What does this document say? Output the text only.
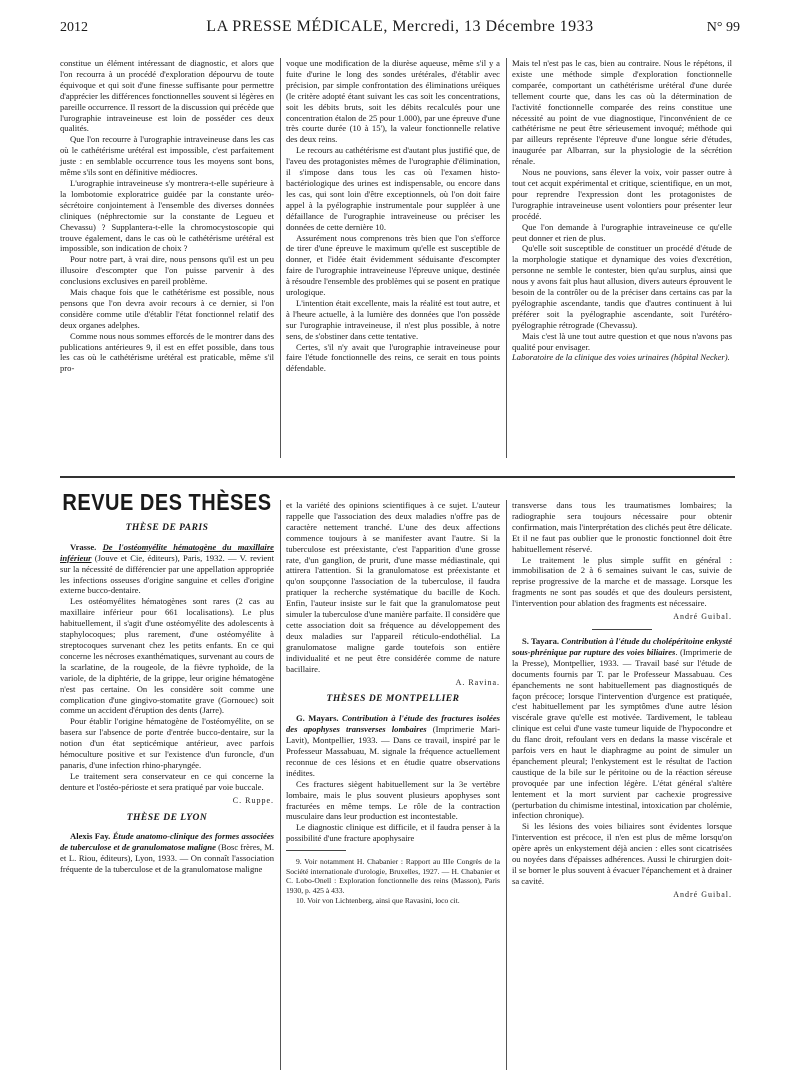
2012	LA PRESSE MÉDICALE, Mercredi, 13 Décembre 1933	N° 99

constitue un élément intéressant de diagnostic, et alors que l'on recourra à un procédé d'exploration dépourvu de toute équivoque et qui soit d'une finesse suffisante pour permettre d'apprécier les différences fonctionnelles souvent si légères en pareille occurrence. Il ressort de la discussion qui précède que l'urographie intraveineuse est loin de posséder ces deux qualités.

Que l'on recourre à l'urographie intraveineuse dans les cas où le cathétérisme urétéral est impossible, c'est parfaitement juste : en semblable occurrence tous les moyens sont bons, même s'ils sont en définitive médiocres.

L'urographie intraveineuse s'y montrera-t-elle supérieure à la lombotomie exploratrice guidée par la constante uréo-sécrétoire conjointement à l'ensemble des diverses données cliniques (néphrectomie sur la constante de Legueu et Chevassu) ? Supplantera-t-elle la chromocystoscopie qui trouve également, dans le cas où le cathétérisme urétéral est impossible, son indication de choix ?

Pour notre part, à vrai dire, nous pensons qu'il est un peu illusoire d'escompter que l'on puisse parvenir à des conclusions exclusives en pareil problème.

Mais chaque fois que le cathétérisme est possible, nous pensons que l'on devra avoir recours à ce dernier, si l'on considère comme utile d'établir l'état fonctionnel relatif des deux organes adelphes.

Comme nous nous sommes efforcés de le montrer dans des publications antérieures 9, il est en effet possible, dans tous les cas où le cathétérisme urétéral est praticable, même s'il pro-

voque une modification de la diurèse aqueuse, même s'il y a fuite d'urine le long des sondes urétérales, d'établir avec précision, par simple confrontation des éliminations uréiques (le critère adopté étant suivant les cas soit les concentrations, soit les débits bruts, soit les débits recalculés pour une concentration étalon de 25 pour 1.000), par une épreuve d'une très courte durée (10 à 15'), la valeur fonctionnelle relative des deux reins.

Le recours au cathétérisme est d'autant plus justifié que, de l'aveu des protagonistes mêmes de l'urographie d'élimination, il s'impose dans tous les cas où l'examen histo-bactériologique des urines est indispensable, ou encore dans les cas, qui sont loin d'être exceptionnels, où l'on doit faire appel à la pyélographie instrumentale pour suppléer à une défaillance de l'urographie intraveineuse ou préciser les données de cette dernière 10.

Assurément nous comprenons très bien que l'on s'efforce de tirer d'une épreuve le maximum qu'elle est susceptible de donner, et l'idée était évidemment séduisante d'escompter faire de l'urographie intraveineuse l'épreuve unique, destinée à résoudre l'ensemble des problèmes qui se posent en pratique urologique.

L'intention était excellente, mais la réalité est tout autre, et à l'heure actuelle, à la lumière des données que l'on possède sur l'urographie intraveineuse, il n'est plus possible, à notre sens, de s'obstiner dans cette tentative.

Certes, s'il n'y avait que l'urographie intraveineuse pour faire l'étude fonctionnelle des reins, ce serait en tous points défendable.

Mais tel n'est pas le cas, bien au contraire. Nous le répétons, il existe une méthode simple d'exploration fonctionnelle comparée, comportant un cathétérisme urétéral d'une durée tellement courte que, dans les cas où la détermination de l'activité fonctionnelle comparée des reins constitue une nécessité au point de vue diagnostique, l'inconvénient de ce cathétérisme ne peut être sérieusement invoqué; méthode qui par ailleurs représente l'épreuve d'une longue série d'études, inaugurée par Albarran, sur la physiologie de la sécrétion rénale.

Nous ne pouvions, sans élever la voix, voir passer outre à tout cet acquit expérimental et critique, scientifique, en un mot, pour reprendre l'expression dont les protagonistes de l'urographie intraveineuse usent volontiers pour présenter leur procédé.

Que l'on demande à l'urographie intraveineuse ce qu'elle peut donner et rien de plus.

Qu'elle soit susceptible de constituer un procédé d'étude de la morphologie statique et dynamique des voies d'excrétion, personne ne semble le contester, bien qu'au surplus, ainsi que nous y avons fait plus haut allusion, divers auteurs éprouvent le besoin de la contrôler ou de la préciser dans certains cas par la pyélographie ascendante, tandis que d'autres continuent à lui préférer soit la pyélographie ascendante, soit l'urétéro-pyélographie rétrograde (Chevassu).

Mais c'est là une tout autre question et que nous n'avons pas qualité pour envisager.

Laboratoire de la clinique des voies urinaires (hôpital Necker).

REVUE DES THÈSES
THÈSE DE PARIS

Vrasse. De l'ostéomyélite hématogène du maxillaire inférieur (Jouve et Cie, éditeurs), Paris, 1932. — V. revient sur la nécessité de différencier par une appellation appropriée les infections osseuses d'origine sanguine et celles d'origine externe bucco-dentaire.

Les ostéomyélites hématogènes sont rares (2 cas au maxillaire inférieur pour 661 localisations). Le plus habituellement, il s'agit d'une ostéomyélite des adolescents à staphylocoques; plus rarement, d'une ostéomyélite à streptocoques survenant chez les petits enfants. En ce qui concerne les nécroses exanthématiques, survenant au cours de la scarlatine, de la rougeole, de la fièvre typhoïde, de la variole, de la diphtérie, de la grippe, leur origine hématogène n'est pas certaine. On les considère soit comme une complication d'une gingivo-stomatite grave (Gornouec) soit comme un accident d'éruption des dents (Jarre).

Pour établir l'origine hématogène de l'ostéomyélite, on se basera sur l'absence de porte d'entrée bucco-dentaire, sur la notion d'un état septicémique antérieur, avec parfois hémoculture positive et sur l'existence d'un furoncle, d'un panaris, d'une infection rhino-pharyngée.

Le traitement sera conservateur en ce qui concerne la denture et l'ostéo-périoste et sera pratiqué par voie buccale.

C. Ruppe.
THÈSE DE LYON

Alexis Fay. Étude anatomo-clinique des formes associées de tuberculose et de granulomatose maligne (Bosc frères, M. et L. Riou, éditeurs), Lyon, 1933. — On connaît l'association fréquente de la tuberculose et de la granulomatose maligne

et la variété des opinions scientifiques à ce sujet. L'auteur rappelle que l'association des deux maladies n'offre pas de caractère nettement tranché. L'une des deux affections commence toujours à se manifester avant l'autre. Si la tuberculose est préexistante, c'est l'apparition d'une grosse rate, d'un ganglion, de prurit, d'une masse médiastinale, qui attirera l'attention. Si la granulomatose est préexistante et qu'on soupçonne l'association de la tuberculose, il faudra pratiquer la recherche systématique du bacille de Koch. Enfin, l'auteur insiste sur le fait que la granulomatose peut simuler la tuberculose d'une manière parfaite. Il considère que cette association doit sa fréquence au développement des deux maladies sur l'appareil réticulo-endothélial. La granulomatose maligne garde toutefois son entière individualité et ne peut être considérée comme de nature bacillaire.

A. Ravina.
THÈSES DE MONTPELLIER

G. Mayars. Contribution à l'étude des fractures isolées des apophyses transverses lombaires (Imprimerie Mari-Lavit), Montpellier, 1933. — Dans ce travail, inspiré par le Professeur Massabuau, M. signale la fréquence actuellement reconnue de ces lésions et en étudie quatre observations inédites.

Ces fractures siègent habituellement sur la 3e vertèbre lombaire, mais le plus souvent plusieurs apophyses sont fracturées en même temps. Le rôle de la contraction musculaire dans leur production est incontestable.

Le diagnostic clinique est difficile, et il faudra penser à la possibilité d'une fracture apophysaire

9. Voir notamment H. Chabanier : Rapport au IIIe Congrès de la Société internationale d'urologie, Bruxelles, 1927. — H. Chabanier et C. Lobo-Onell : Exploration fonctionnelle des reins (Masson), Paris 1930, p. 425 à 433.

10. Voir von Lichtenberg, ainsi que Ravasini, loco cit.

transverse dans tous les traumatismes lombaires; la radiographie sera toujours nécessaire pour obtenir confirmation, mais l'interprétation des clichés peut être délicate. Et il ne faut pas oublier que le pronostic fonctionnel doit être habituellement réservé.

Le traitement le plus simple suffit en général : immobilisation de 2 à 6 semaines suivant le cas, suivie de reprise progressive de la marche et de massage. Lorsque les fragments ne sont pas soudés et que des douleurs persistent, l'intervention pour ablation des fragments est nécessaire.

André Guibal.

S. Tayara. Contribution à l'étude du cholépéritoine enkysté sous-phrénique par rupture des voies biliaires. (Imprimerie de la Presse), Montpellier, 1933. — Travail basé sur l'étude de documents fournis par T. par le Professeur Massabuau. Ces épanchements ne sont habituellement pas diagnostiqués de façon précoce; lorsque l'intervention d'urgence est pratiquée, c'est habituellement par les symptômes d'une autre lésion viscérale grave qu'elle est motivée. Tardivement, le tableau clinique est celui d'une vaste tumeur liquide de l'hypocondre et du flanc droit, refoulant vers en dedans la masse viscérale et parfois vers en haut le diaphragme au point de simuler un épanchement pleural; l'enkystement est le résultat de l'action caustique de la bile sur le péritoine ou de la réaction séreuse provoquée par une infection légère. L'état général s'altère lentement et la mort survient par cachexie progressive (perturbation du chimisme intestinal, intoxication par cholémie, infection chronique).

Si les lésions des voies biliaires sont évidentes lorsque l'intervention est précoce, il n'en est plus de même lorsqu'on opère après un enkystement déjà ancien : elles sont cicatrisées ou noyées dans d'épaisses adhérences. Aussi le chirurgien doit-il se borner le plus souvent à évacuer l'épanchement et à drainer sa cavité.

André Guibal.
